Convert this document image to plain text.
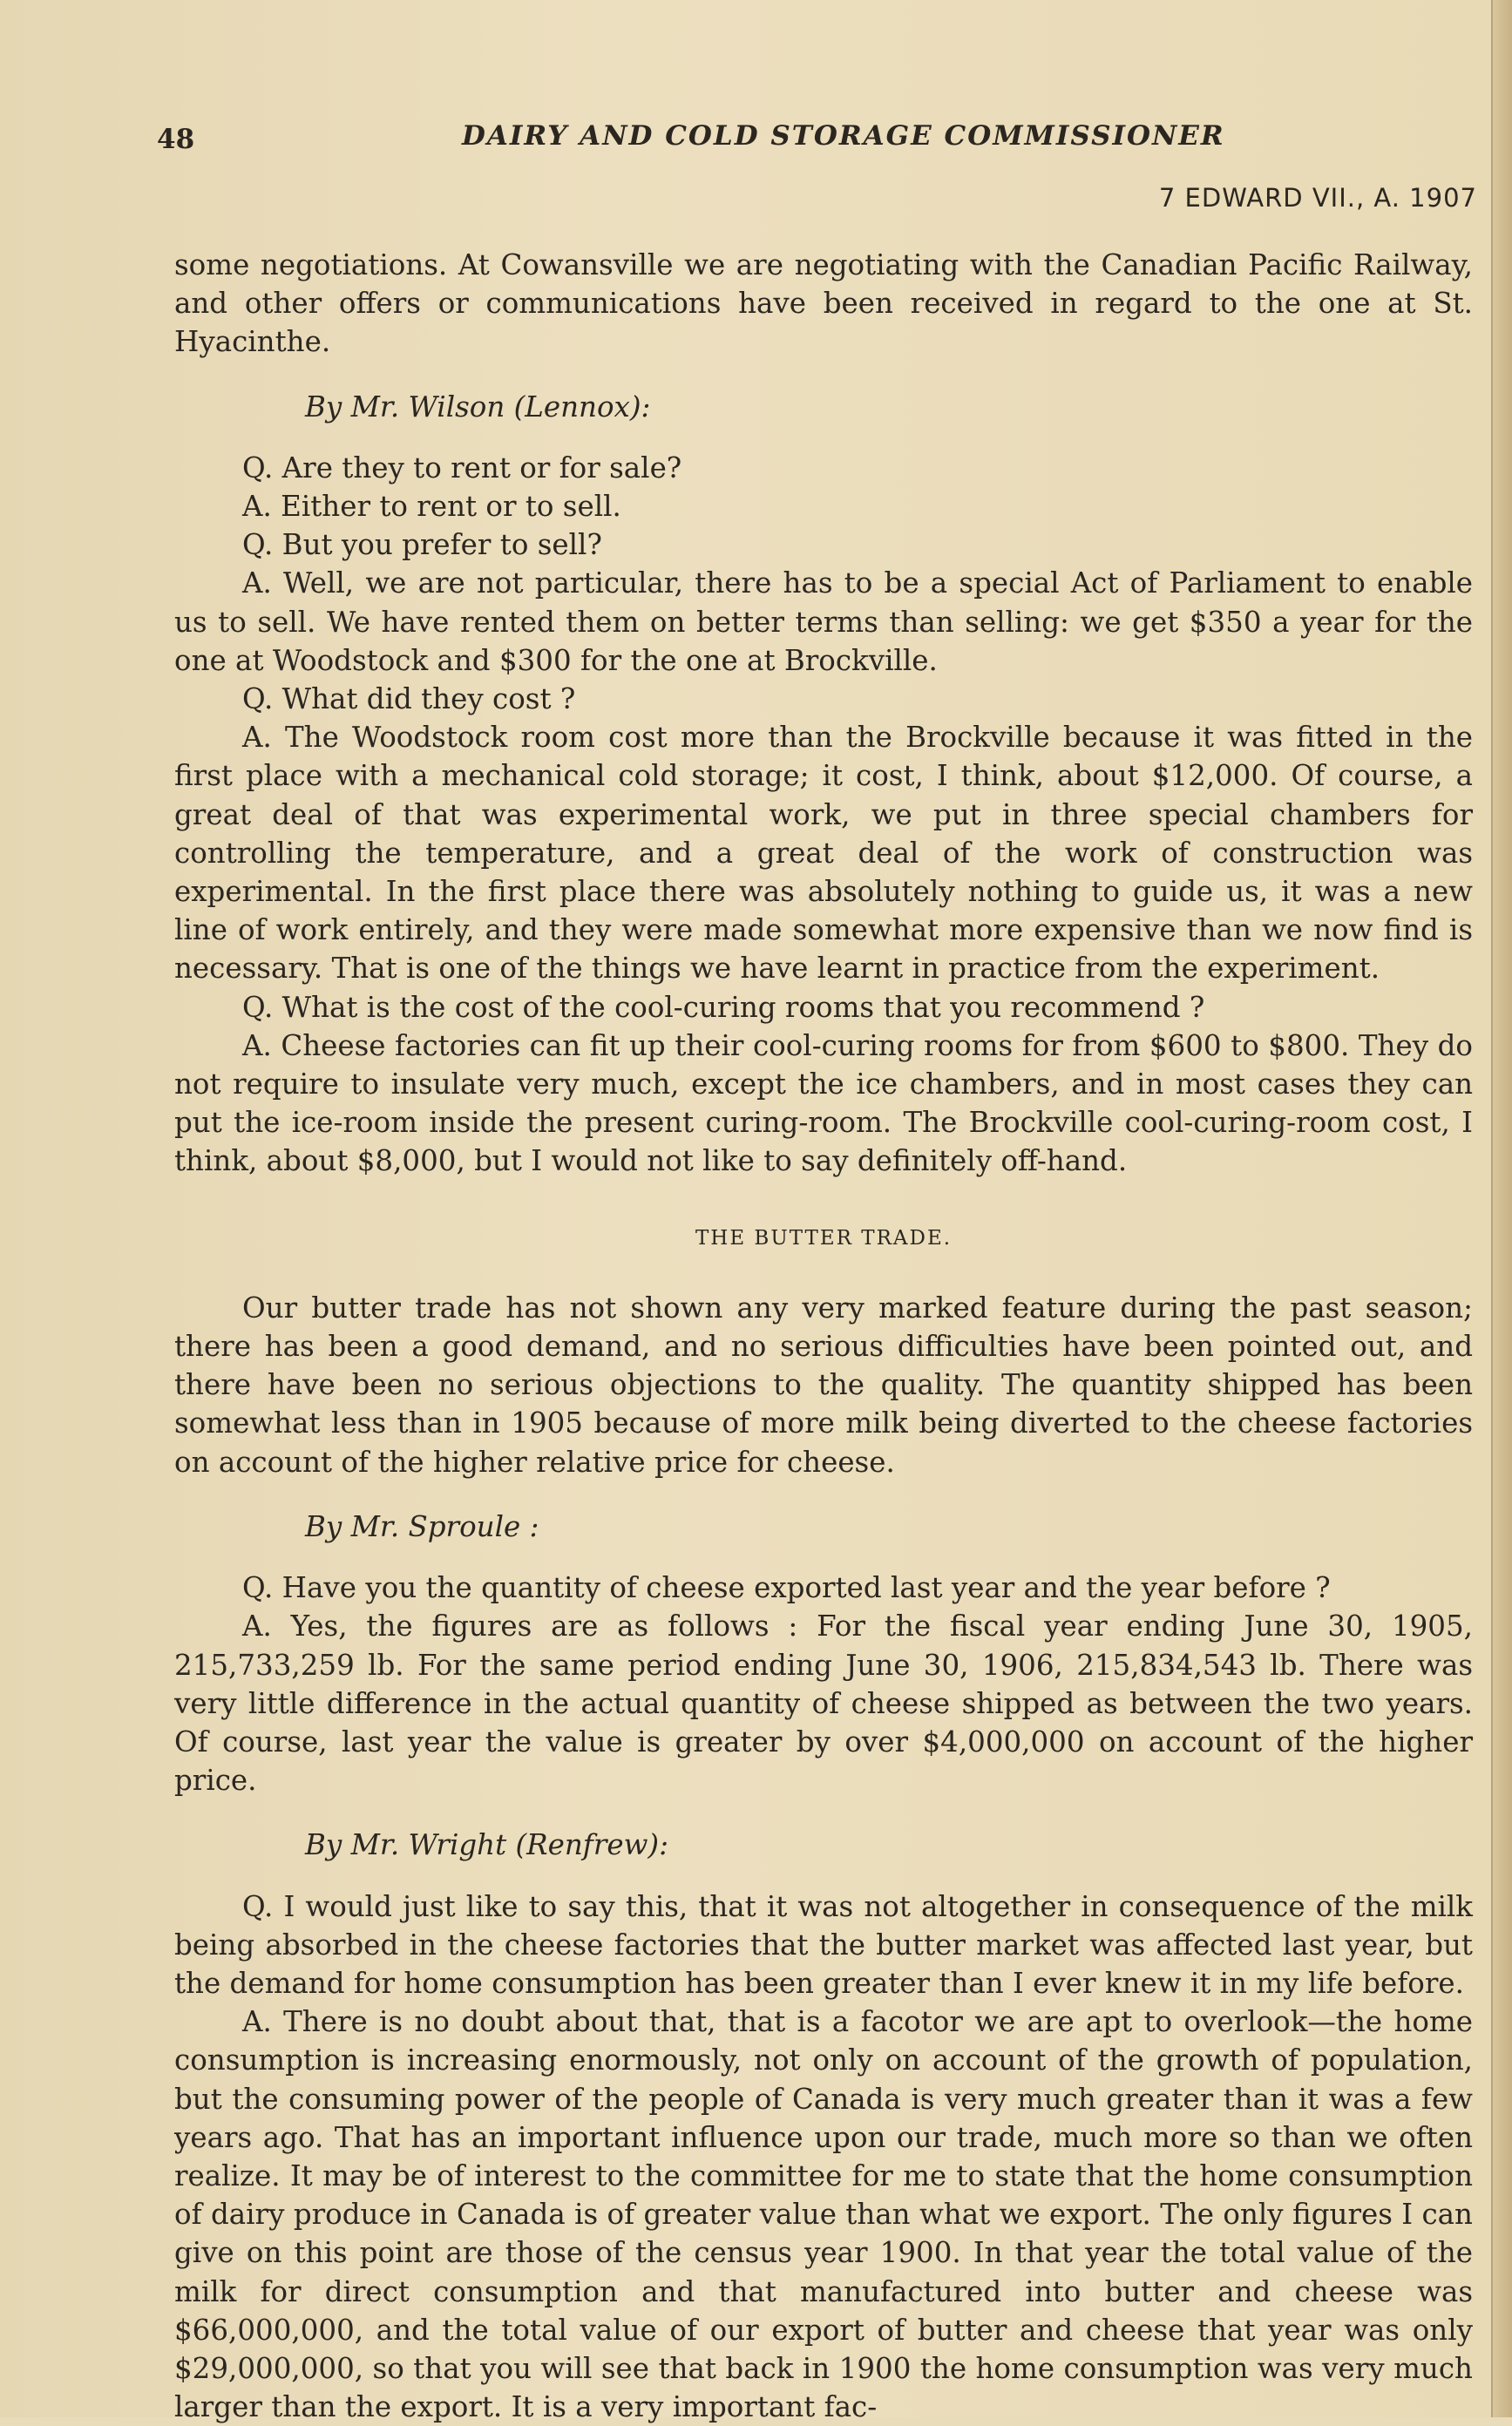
48	DAIRY AND COLD STORAGE COMMISSIONER
7 EDWARD VII., A. 1907

some negotiations. At Cowansville we are negotiating with the Canadian Pacific Railway, and other offers or communications have been received in regard to the one at St. Hyacinthe.

By Mr. Wilson (Lennox):

Q. Are they to rent or for sale?

A. Either to rent or to sell.

Q. But you prefer to sell?

A. Well, we are not particular, there has to be a special Act of Parliament to enable us to sell. We have rented them on better terms than selling: we get $350 a year for the one at Woodstock and $300 for the one at Brockville.

Q. What did they cost ?

A. The Woodstock room cost more than the Brockville because it was fitted in the first place with a mechanical cold storage; it cost, I think, about $12,000. Of course, a great deal of that was experimental work, we put in three special chambers for controlling the temperature, and a great deal of the work of construction was experimental. In the first place there was absolutely nothing to guide us, it was a new line of work entirely, and they were made somewhat more expensive than we now find is necessary. That is one of the things we have learnt in practice from the experiment.

Q. What is the cost of the cool-curing rooms that you recommend ?

A. Cheese factories can fit up their cool-curing rooms for from $600 to $800. They do not require to insulate very much, except the ice chambers, and in most cases they can put the ice-room inside the present curing-room. The Brockville cool-curing-room cost, I think, about $8,000, but I would not like to say definitely off-hand.

THE BUTTER TRADE.

Our butter trade has not shown any very marked feature during the past season; there has been a good demand, and no serious difficulties have been pointed out, and there have been no serious objections to the quality. The quantity shipped has been somewhat less than in 1905 because of more milk being diverted to the cheese factories on account of the higher relative price for cheese.

By Mr. Sproule :

Q. Have you the quantity of cheese exported last year and the year before ?

A. Yes, the figures are as follows : For the fiscal year ending June 30, 1905, 215,733,259 lb. For the same period ending June 30, 1906, 215,834,543 lb. There was very little difference in the actual quantity of cheese shipped as between the two years. Of course, last year the value is greater by over $4,000,000 on account of the higher price.

By Mr. Wright (Renfrew):

Q. I would just like to say this, that it was not altogether in consequence of the milk being absorbed in the cheese factories that the butter market was affected last year, but the demand for home consumption has been greater than I ever knew it in my life before.

A. There is no doubt about that, that is a facotor we are apt to overlook—the home consumption is increasing enormously, not only on account of the growth of population, but the consuming power of the people of Canada is very much greater than it was a few years ago. That has an important influence upon our trade, much more so than we often realize. It may be of interest to the committee for me to state that the home consumption of dairy produce in Canada is of greater value than what we export. The only figures I can give on this point are those of the census year 1900. In that year the total value of the milk for direct consumption and that manufactured into butter and cheese was $66,000,000, and the total value of our export of butter and cheese that year was only $29,000,000, so that you will see that back in 1900 the home consumption was very much larger than the export. It is a very important fac-
